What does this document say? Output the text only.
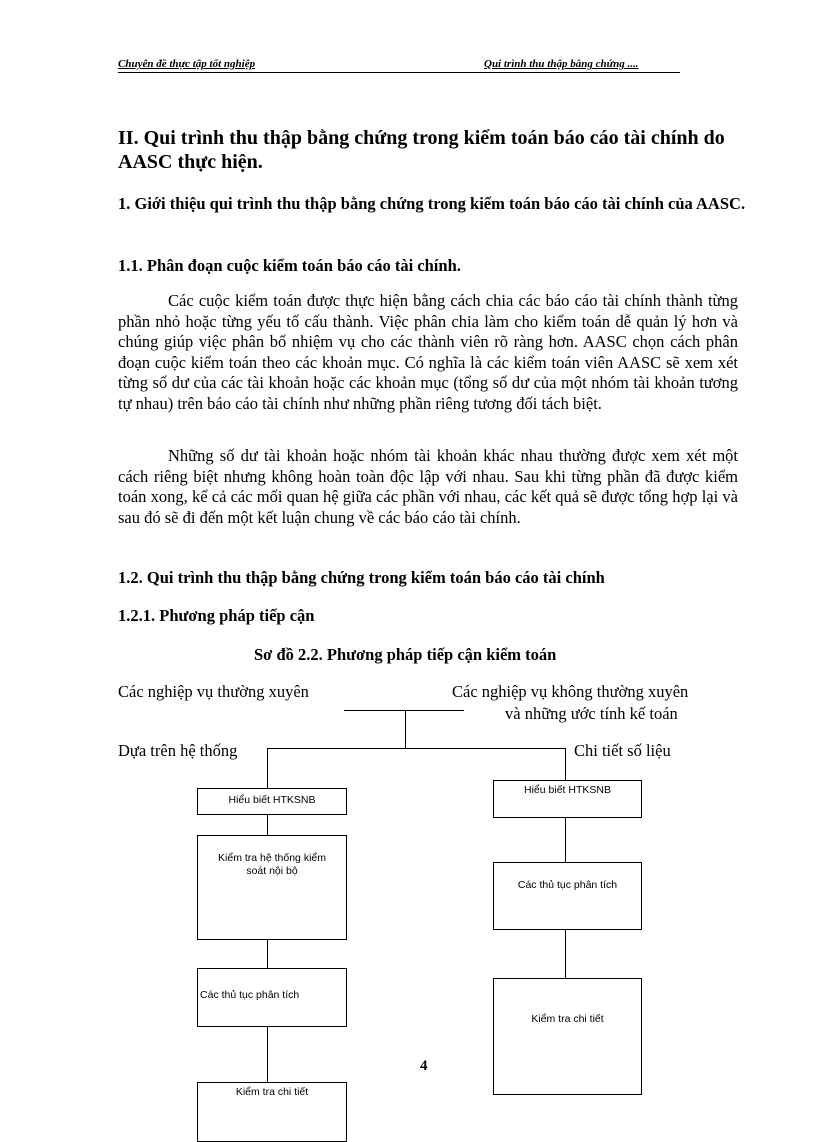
Chuyên đề thực tập tốt nghiệp	Qui trình thu thập bằng chứng ....
II. Qui trình thu thập bằng chứng trong kiểm toán báo cáo tài chính do AASC thực hiện.
1. Giới thiệu qui trình thu thập bằng chứng trong kiểm toán báo cáo tài chính của AASC.
1.1. Phân đoạn cuộc kiểm toán báo cáo tài chính.
Các cuộc kiểm toán được thực hiện bằng cách chia các báo cáo tài chính thành từng phần nhỏ hoặc từng yếu tố cấu thành. Việc phân chia làm cho kiểm toán dễ quản lý hơn và chúng giúp việc phân bổ nhiệm vụ cho các thành viên rõ ràng hơn. AASC chọn cách phân đoạn cuộc kiểm toán theo các khoản mục. Có nghĩa là các kiểm toán viên AASC sẽ xem xét từng số dư của các tài khoản hoặc các khoản mục (tổng số dư của một nhóm tài khoản tương tự nhau) trên báo cáo tài chính như những phần riêng tương đối tách biệt.
Những số dư tài khoản hoặc nhóm tài khoản khác nhau thường được xem xét một cách riêng biệt nhưng không hoàn toàn độc lập với nhau. Sau khi từng phần đã được kiểm toán xong, kể cả các mối quan hệ giữa các phần với nhau, các kết quả sẽ được tổng hợp lại và sau đó sẽ đi đến một kết luận chung về các báo cáo tài chính.
1.2. Qui trình thu thập bằng chứng trong kiểm toán báo cáo tài chính
1.2.1. Phương pháp tiếp cận
Sơ đồ 2.2. Phương pháp tiếp cận kiểm toán
Các nghiệp vụ thường xuyên	Các nghiệp vụ không thường xuyên
và những ước tính kế toán
Dựa trên hệ thống	Chi tiết số liệu
Hiểu biết HTKSNB
Kiểm tra hệ thống kiểm
soát nội bộ
Các thủ tục phân tích
Kiểm tra chi tiết
Hiểu biết HTKSNB
Các thủ tục phân tích
Kiểm tra chi tiết
4
